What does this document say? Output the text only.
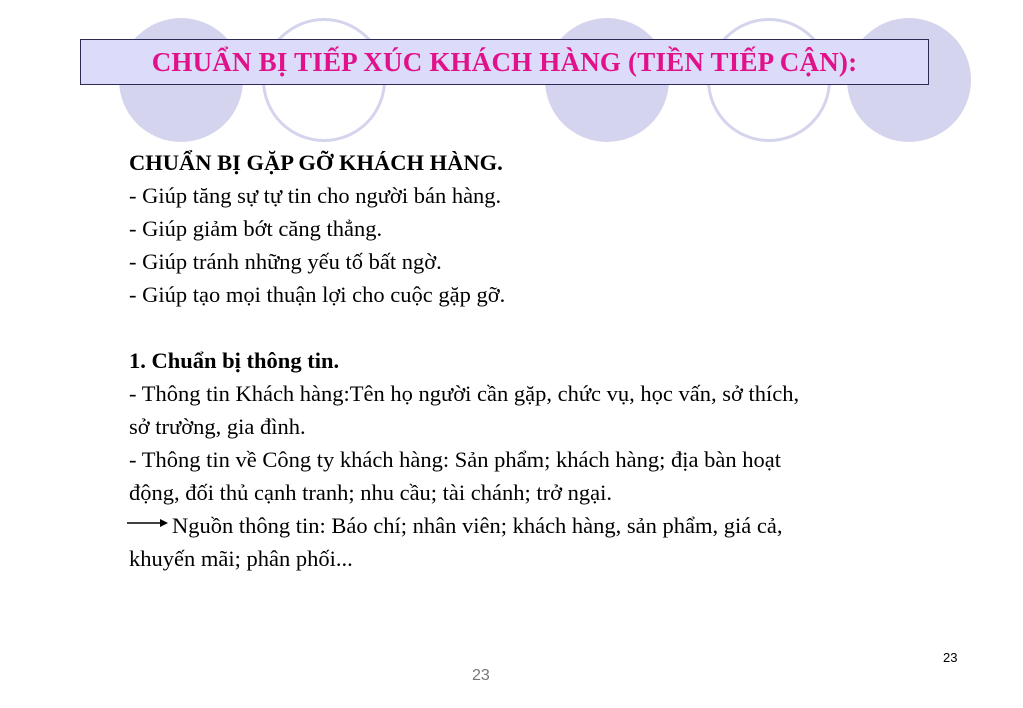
CHUẨN BỊ TIẾP XÚC KHÁCH HÀNG (TIỀN TIẾP CẬN):
CHUẨN BỊ GẶP GỠ KHÁCH HÀNG.
- Giúp tăng sự tự tin cho người bán hàng.
- Giúp giảm bớt căng thẳng.
- Giúp tránh những yếu tố bất ngờ.
- Giúp tạo mọi thuận lợi cho cuộc gặp gỡ.
1. Chuẩn bị thông tin.
- Thông tin Khách hàng:Tên họ người cần gặp, chức vụ, học vấn, sở thích,
sở trường, gia đình.
- Thông tin về Công ty khách hàng: Sản phẩm; khách hàng; địa bàn hoạt
động, đối thủ cạnh tranh; nhu cầu; tài chánh; trở ngại.
Nguồn thông tin: Báo chí; nhân viên; khách hàng, sản phẩm, giá cả,
khuyến mãi; phân phối...
23
23
